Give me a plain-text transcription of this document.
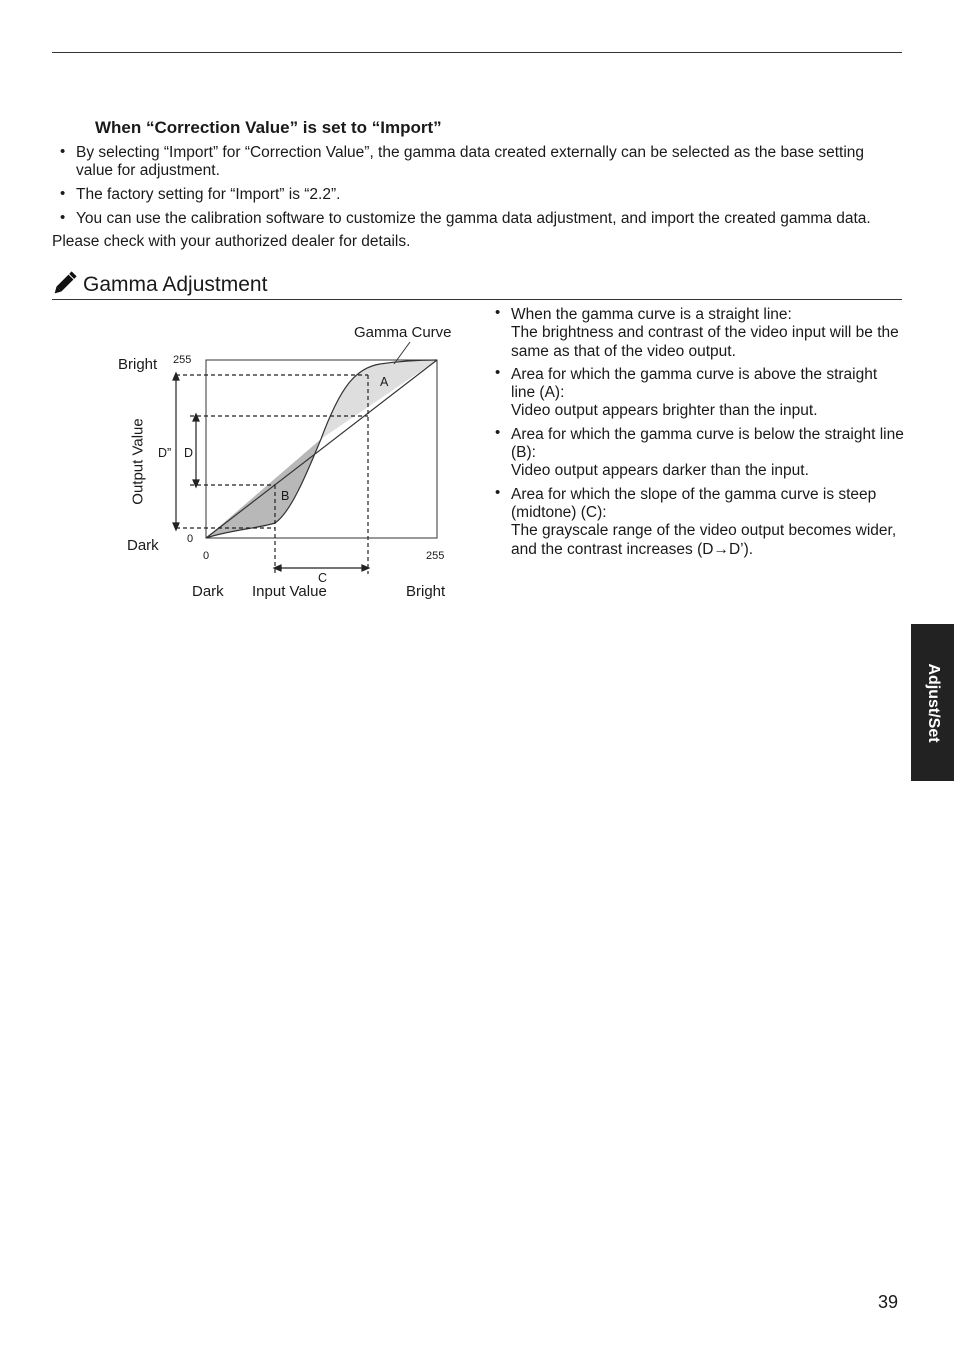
When “Correction Value” is set to “Import”
• By selecting “Import” for “Correction Value”, the gamma data created externally can be selected as the base setting value for adjustment.
• The factory setting for “Import” is “2.2”.
• You can use the calibration software to customize the gamma data adjustment, and import the created gamma data.

Please check with your authorized dealer for details.

Gamma Adjustment
Gamma Curve
Bright
Dark
255
0
Output Value D” D
A
B
C
0	255
Dark Input Value	Bright
• When the gamma curve is a straight line:
The brightness and contrast of the video input will be the same as that of the video output.
• Area for which the gamma curve is above the straight line (A):
Video output appears brighter than the input.
• Area for which the gamma curve is below the straight line (B):
Video output appears darker than the input.
• Area for which the slope of the gamma curve is steep (midtone) (C):
The grayscale range of the video output becomes wider, and the contrast increases (D→D’).
Adjust/Set

39
